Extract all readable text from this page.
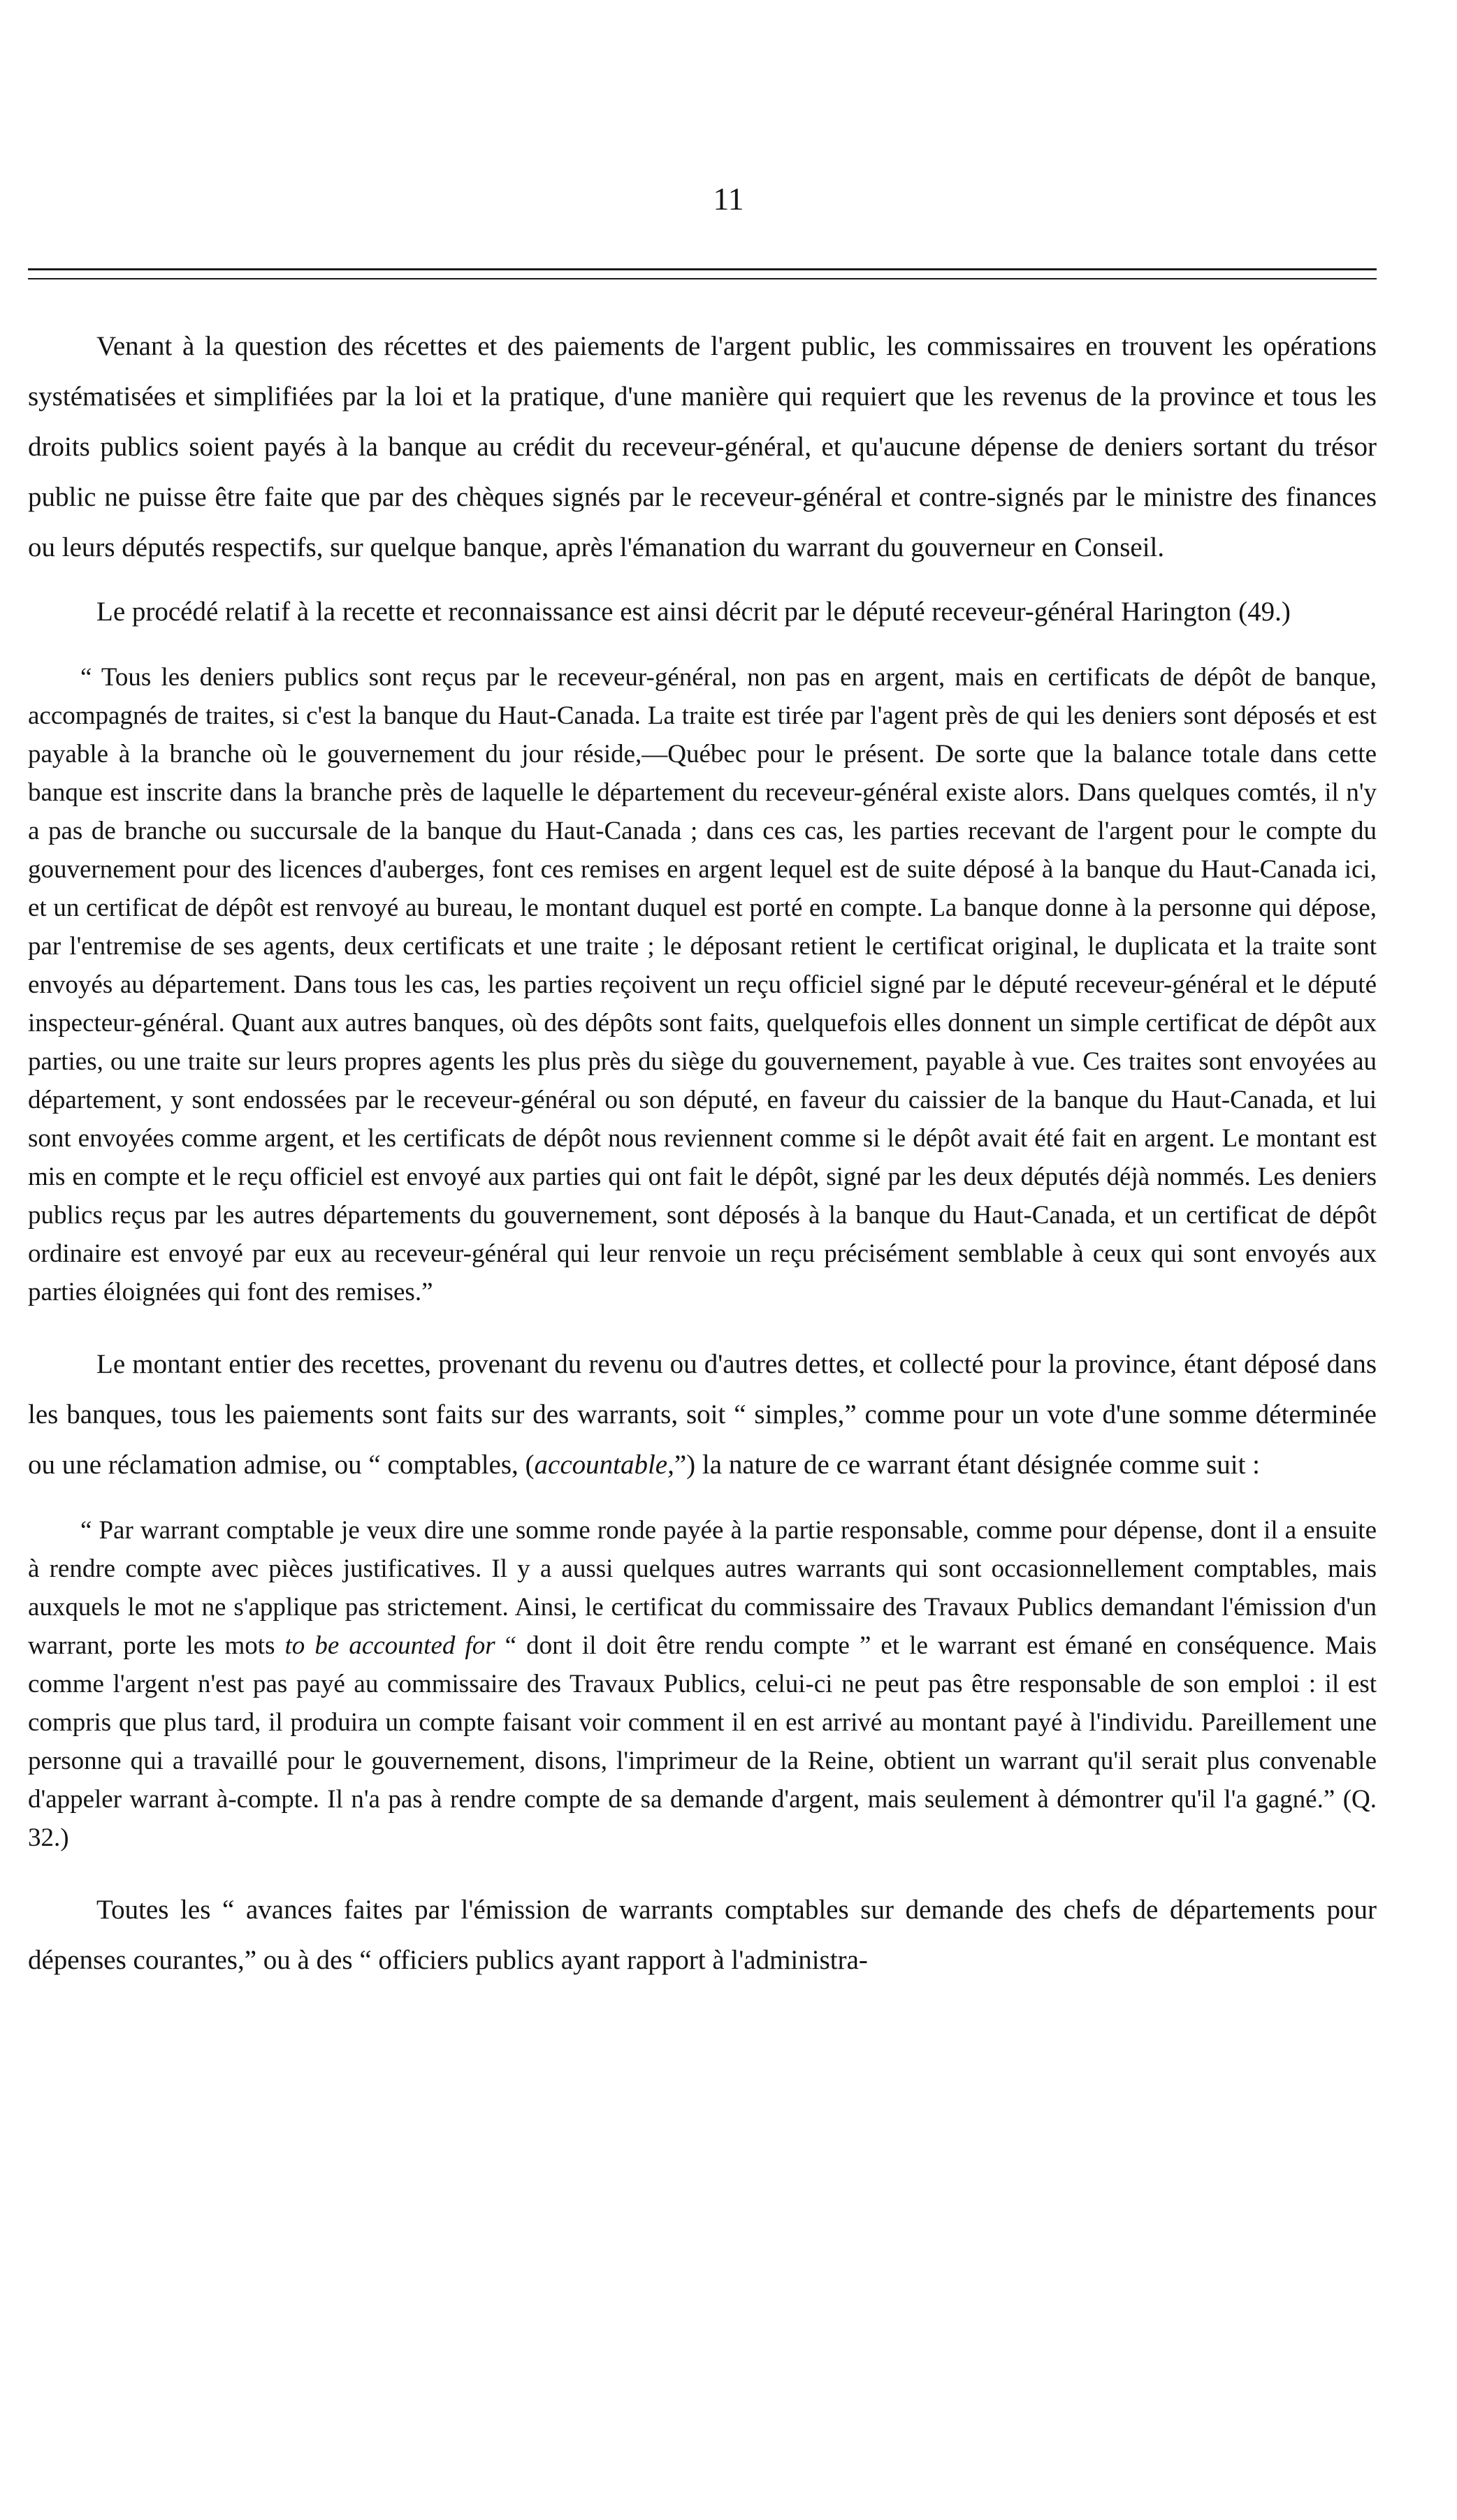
11

Venant à la question des récettes et des paiements de l'argent public, les commissaires en trouvent les opérations systématisées et simplifiées par la loi et la pratique, d'une manière qui requiert que les revenus de la province et tous les droits publics soient payés à la banque au crédit du receveur-général, et qu'aucune dépense de deniers sortant du trésor public ne puisse être faite que par des chèques signés par le receveur-général et contre-signés par le ministre des finances ou leurs députés respectifs, sur quelque banque, après l'émanation du warrant du gouverneur en Conseil.

Le procédé relatif à la recette et reconnaissance est ainsi décrit par le député receveur-général Harington (49.)

“ Tous les deniers publics sont reçus par le receveur-général, non pas en argent, mais en certificats de dépôt de banque, accompagnés de traites, si c'est la banque du Haut-Canada. La traite est tirée par l'agent près de qui les deniers sont déposés et est payable à la branche où le gouvernement du jour réside,—Québec pour le présent. De sorte que la balance totale dans cette banque est inscrite dans la branche près de laquelle le département du receveur-général existe alors. Dans quelques comtés, il n'y a pas de branche ou succursale de la banque du Haut-Canada ; dans ces cas, les parties recevant de l'argent pour le compte du gouvernement pour des licences d'auberges, font ces remises en argent lequel est de suite déposé à la banque du Haut-Canada ici, et un certificat de dépôt est renvoyé au bureau, le montant duquel est porté en compte. La banque donne à la personne qui dépose, par l'entremise de ses agents, deux certificats et une traite ; le déposant retient le certificat original, le duplicata et la traite sont envoyés au département. Dans tous les cas, les parties reçoivent un reçu officiel signé par le député receveur-général et le député inspecteur-général. Quant aux autres banques, où des dépôts sont faits, quelquefois elles donnent un simple certificat de dépôt aux parties, ou une traite sur leurs propres agents les plus près du siège du gouvernement, payable à vue. Ces traites sont envoyées au département, y sont endossées par le receveur-général ou son député, en faveur du caissier de la banque du Haut-Canada, et lui sont envoyées comme argent, et les certificats de dépôt nous reviennent comme si le dépôt avait été fait en argent. Le montant est mis en compte et le reçu officiel est envoyé aux parties qui ont fait le dépôt, signé par les deux députés déjà nommés. Les deniers publics reçus par les autres départements du gouvernement, sont déposés à la banque du Haut-Canada, et un certificat de dépôt ordinaire est envoyé par eux au receveur-général qui leur renvoie un reçu précisément semblable à ceux qui sont envoyés aux parties éloignées qui font des remises.”

Le montant entier des recettes, provenant du revenu ou d'autres dettes, et collecté pour la province, étant déposé dans les banques, tous les paiements sont faits sur des warrants, soit “ simples,” comme pour un vote d'une somme déterminée ou une réclamation admise, ou “ comptables, (accountable,”) la nature de ce warrant étant désignée comme suit :

“ Par warrant comptable je veux dire une somme ronde payée à la partie responsable, comme pour dépense, dont il a ensuite à rendre compte avec pièces justificatives. Il y a aussi quelques autres warrants qui sont occasionnellement comptables, mais auxquels le mot ne s'applique pas strictement. Ainsi, le certificat du commissaire des Travaux Publics demandant l'émission d'un warrant, porte les mots to be accounted for “ dont il doit être rendu compte ” et le warrant est émané en conséquence. Mais comme l'argent n'est pas payé au commissaire des Travaux Publics, celui-ci ne peut pas être responsable de son emploi : il est compris que plus tard, il produira un compte faisant voir comment il en est arrivé au montant payé à l'individu. Pareillement une personne qui a travaillé pour le gouvernement, disons, l'imprimeur de la Reine, obtient un warrant qu'il serait plus convenable d'appeler warrant à-compte. Il n'a pas à rendre compte de sa demande d'argent, mais seulement à démontrer qu'il l'a gagné.” (Q. 32.)

Toutes les “ avances faites par l'émission de warrants comptables sur demande des chefs de départements pour dépenses courantes,” ou à des “ officiers publics ayant rapport à l'administra-
